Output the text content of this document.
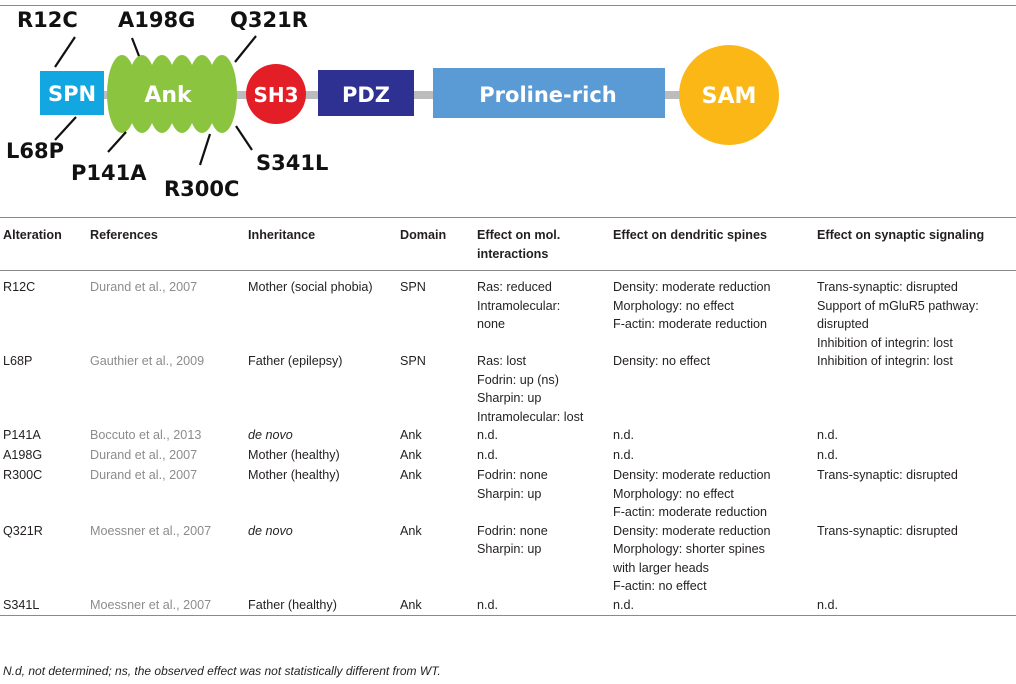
SPN Ank	SH3 PDZ	Proline-rich	SAM
R12C A198G Q321R
L68P
P141A
R300C
S341L
Alteration	References	Inheritance	Domain	Effect on mol.
interactions	Effect on dendritic spines	Effect on synaptic signaling
R12C	Durand et al., 2007	Mother (social phobia)	SPN	Ras: reduced
Intramolecular:
none	Density: moderate reduction
Morphology: no effect
F-actin: moderate reduction	Trans-synaptic: disrupted
Support of mGluR5 pathway:
disrupted
Inhibition of integrin: lost

L68P	Gauthier et al., 2009	Father (epilepsy)	SPN	Ras: lost
Fodrin: up (ns)
Sharpin: up
Intramolecular: lost	Density: no effect	Inhibition of integrin: lost

P141A	Boccuto et al., 2013	de novo	Ank	n.d.	n.d.	n.d.

A198G	Durand et al., 2007	Mother (healthy)	Ank	n.d.	n.d.	n.d.

R300C	Durand et al., 2007	Mother (healthy)	Ank	Fodrin: none
Sharpin: up	Density: moderate reduction
Morphology: no effect
F-actin: moderate reduction	Trans-synaptic: disrupted

Q321R	Moessner et al., 2007	de novo	Ank	Fodrin: none
Sharpin: up	Density: moderate reduction
Morphology: shorter spines
with larger heads
F-actin: no effect	Trans-synaptic: disrupted

S341L	Moessner et al., 2007	Father (healthy)	Ank	n.d.	n.d.	n.d.
N.d, not determined; ns, the observed effect was not statistically different from WT.
